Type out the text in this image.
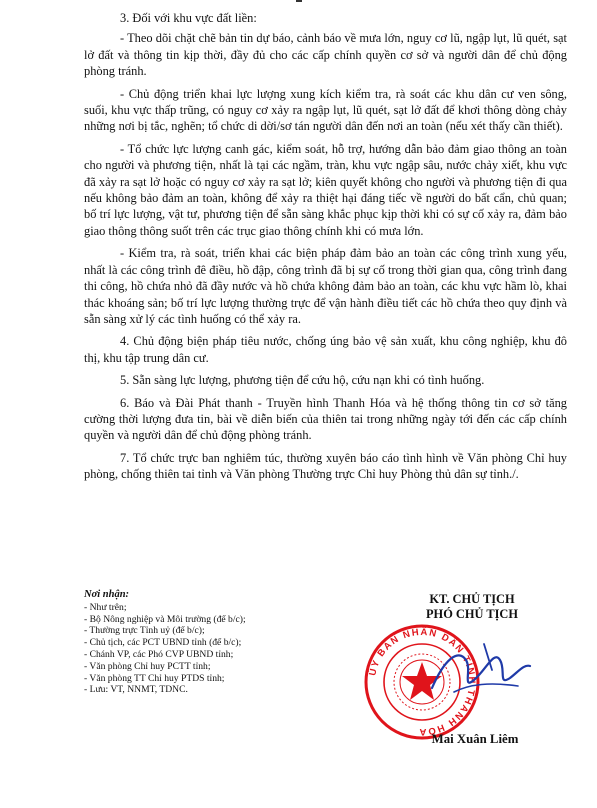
3. Đối với khu vực đất liền:

- Theo dõi chặt chẽ bản tin dự báo, cảnh báo về mưa lớn, nguy cơ lũ, ngập lụt, lũ quét, sạt lở đất và thông tin kịp thời, đầy đủ cho các cấp chính quyền cơ sở và người dân để chủ động phòng tránh.

- Chủ động triển khai lực lượng xung kích kiểm tra, rà soát các khu dân cư ven sông, suối, khu vực thấp trũng, có nguy cơ xảy ra ngập lụt, lũ quét, sạt lở đất để khơi thông dòng chảy những nơi bị tắc, nghẽn; tổ chức di dời/sơ tán người dân đến nơi an toàn (nếu xét thấy cần thiết).

- Tổ chức lực lượng canh gác, kiểm soát, hỗ trợ, hướng dẫn bảo đảm giao thông an toàn cho người và phương tiện, nhất là tại các ngầm, tràn, khu vực ngập sâu, nước chảy xiết, khu vực đã xảy ra sạt lở hoặc có nguy cơ xảy ra sạt lở; kiên quyết không cho người và phương tiện đi qua nếu không bảo đảm an toàn, không để xảy ra thiệt hại đáng tiếc về người do bất cẩn, chủ quan; bố trí lực lượng, vật tư, phương tiện để sẵn sàng khắc phục kịp thời khi có sự cố xảy ra, đảm bảo giao thông thông suốt trên các trục giao thông chính khi có mưa lớn.

- Kiểm tra, rà soát, triển khai các biện pháp đảm bảo an toàn các công trình xung yếu, nhất là các công trình đê điều, hồ đập, công trình đã bị sự cố trong thời gian qua, công trình đang thi công, hồ chứa nhỏ đã đầy nước và hồ chứa không đảm bảo an toàn, các khu vực hầm lò, khai thác khoáng sản; bố trí lực lượng thường trực để vận hành điều tiết các hồ chứa theo quy định và sẵn sàng xử lý các tình huống có thể xảy ra.

4. Chủ động biện pháp tiêu nước, chống úng bảo vệ sản xuất, khu công nghiệp, khu đô thị, khu tập trung dân cư.

5. Sẵn sàng lực lượng, phương tiện để cứu hộ, cứu nạn khi có tình huống.

6. Báo và Đài Phát thanh - Truyền hình Thanh Hóa và hệ thống thông tin cơ sở tăng cường thời lượng đưa tin, bài về diễn biến của thiên tai trong những ngày tới đến các cấp chính quyền và người dân để chủ động phòng tránh.

7. Tổ chức trực ban nghiêm túc, thường xuyên báo cáo tình hình về Văn phòng Chỉ huy phòng, chống thiên tai tỉnh và Văn phòng Thường trực Chỉ huy Phòng thủ dân sự tỉnh./.

Nơi nhận:
- Như trên;
- Bộ Nông nghiệp và Môi trường (để b/c);
- Thường trực Tỉnh uỷ (để b/c);
- Chủ tịch, các PCT UBND tỉnh (để b/c);
- Chánh VP, các Phó CVP UBND tỉnh;
- Văn phòng Chỉ huy PCTT tỉnh;
- Văn phòng TT Chỉ huy PTDS tỉnh;
- Lưu: VT, NNMT, TDNC.
KT. CHỦ TỊCH
PHÓ CHỦ TỊCH
ỦY BAN NHÂN DÂN TỈNH THANH HÓA
Mai Xuân Liêm
